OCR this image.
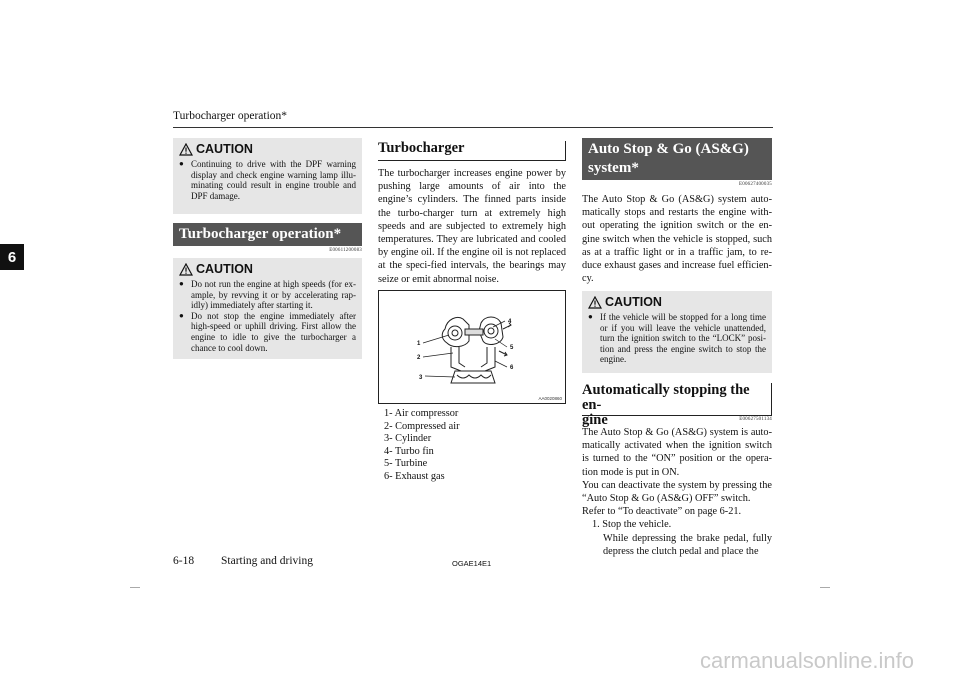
Turbocharger operation*
6
CAUTION
● Continuing to drive with the DPF warning display and check engine warning lamp illu-minating could result in engine trouble and DPF damage.
Turbocharger operation*
E00611200083
CAUTION
● Do not run the engine at high speeds (for ex-ample, by revving it or by accelerating rap-idly) immediately after starting it.
● Do not stop the engine immediately after high-speed or uphill driving. First allow the engine to idle to give the turbocharger a chance to cool down.
Turbocharger
The turbocharger increases engine power by pushing large amounts of air into the engine’s cylinders. The finned parts inside the turbo-charger turn at extremely high speeds and are subjected to extremely high temperatures. They are lubricated and cooled by engine oil. If the engine oil is not replaced at the speci-fied intervals, the bearings may seize or emit abnormal noise.
1
2
3
4
5
6
AA0020860
1- Air compressor
2- Compressed air
3- Cylinder
4- Turbo fin
5- Turbine
6- Exhaust gas
Auto Stop & Go (AS&G)
system*
E00627400035
The Auto Stop & Go (AS&G) system auto-matically stops and restarts the engine with-out operating the ignition switch or the en-gine switch when the vehicle is stopped, such as at a traffic light or in a traffic jam, to re-duce exhaust gases and increase fuel efficien-cy.
CAUTION
● If the vehicle will be stopped for a long time or if you will leave the vehicle unattended, turn the ignition switch to the “LOCK” posi-tion and press the engine switch to stop the engine.
Automatically stopping the en-
gine	E00627501134
The Auto Stop & Go (AS&G) system is auto-matically activated when the ignition switch is turned to the “ON” position or the opera-tion mode is put in ON.
You can deactivate the system by pressing the “Auto Stop & Go (AS&G) OFF” switch.
Refer to “To deactivate” on page 6-21.
1. Stop the vehicle.
While depressing the brake pedal, fully depress the clutch pedal and place the
6-18 Starting and driving	OGAE14E1
carmanualsonline.info
